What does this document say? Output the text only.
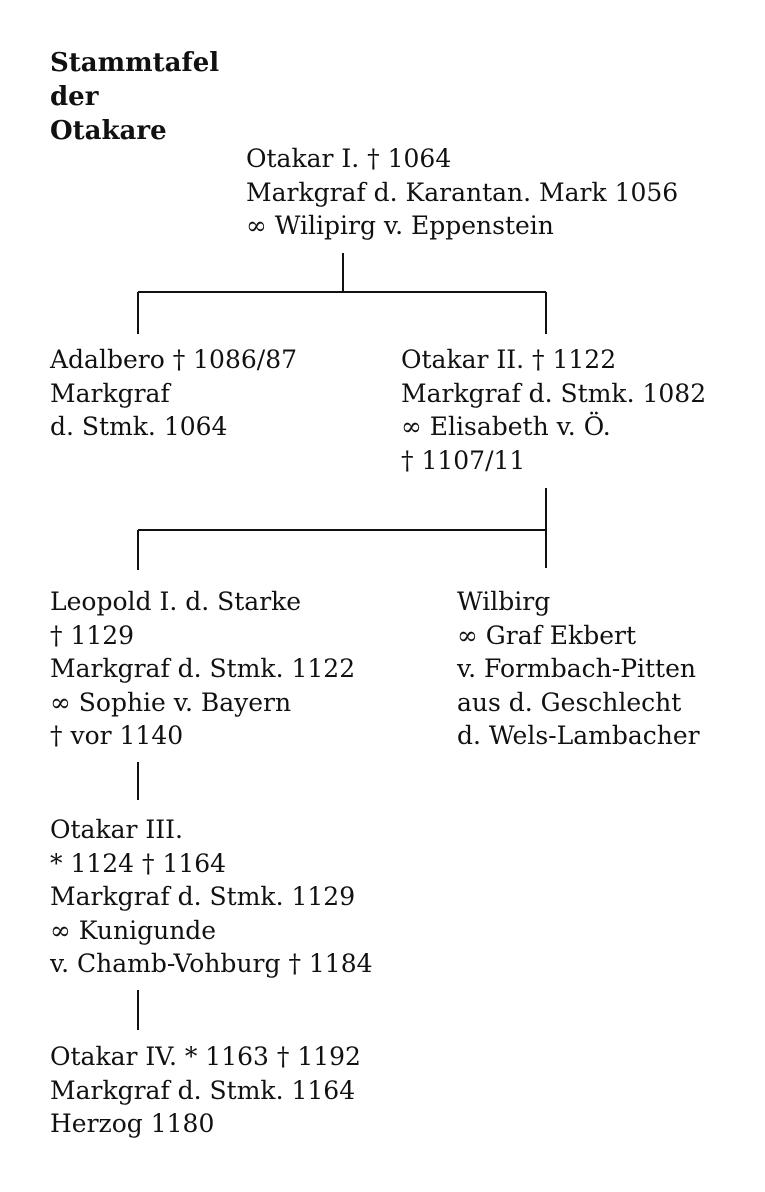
Stammtafel
der
Otakare
Otakar I. † 1064
Markgraf d. Karantan. Mark 1056
∞ Wilipirg v. Eppenstein
Adalbero † 1086/87
Markgraf
d. Stmk. 1064
Otakar II. † 1122
Markgraf d. Stmk. 1082
∞ Elisabeth v. Ö.
† 1107/11
Leopold I. d. Starke
† 1129
Markgraf d. Stmk. 1122
∞ Sophie v. Bayern
† vor 1140
Wilbirg
∞ Graf Ekbert
v. Formbach-Pitten
aus d. Geschlecht
d. Wels-Lambacher
Otakar III.
* 1124 † 1164
Markgraf d. Stmk. 1129
∞ Kunigunde
v. Chamb-Vohburg † 1184
Otakar IV. * 1163 † 1192
Markgraf d. Stmk. 1164
Herzog 1180
